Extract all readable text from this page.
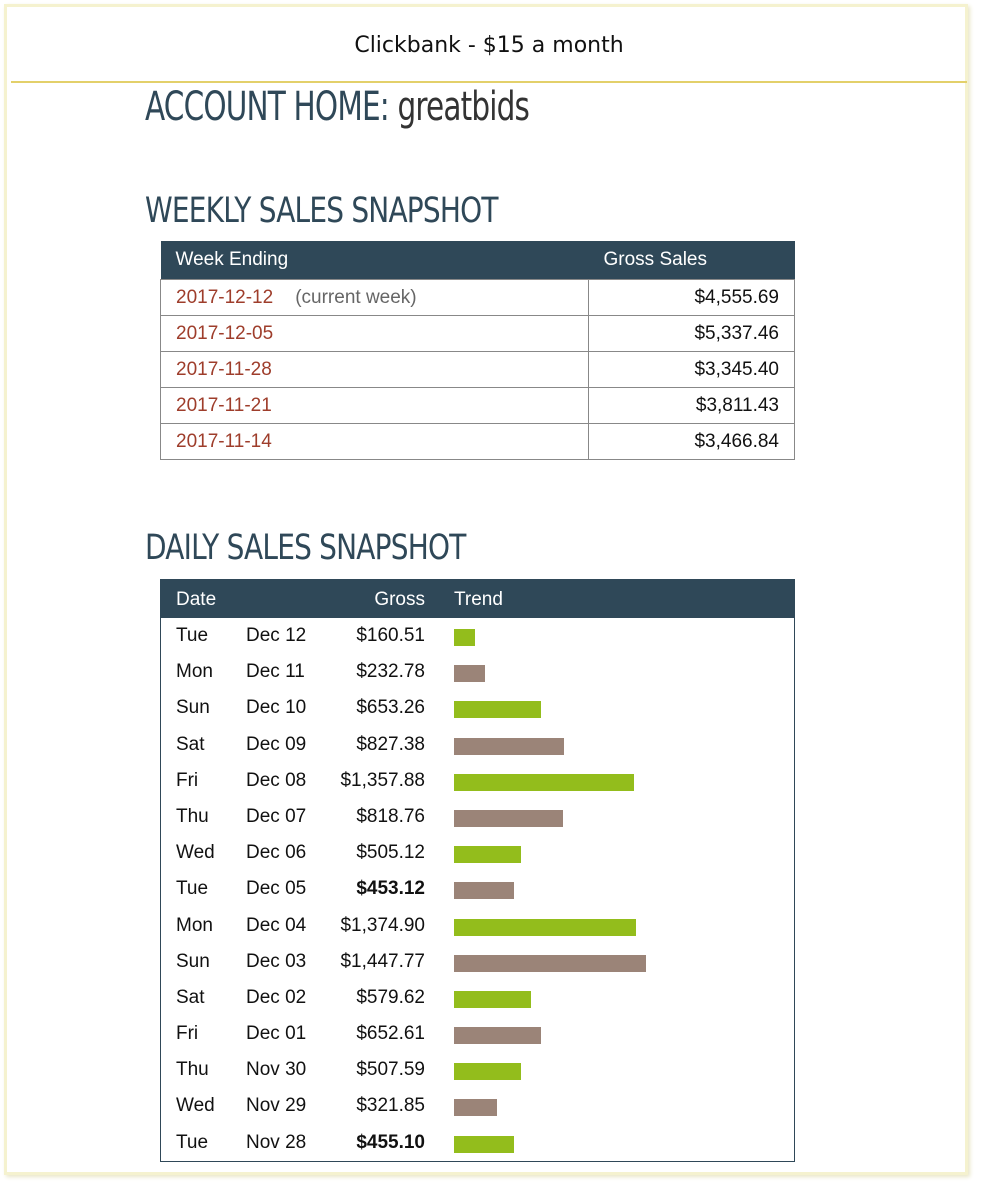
Clickbank - $15 a month
ACCOUNT HOME: greatbids
WEEKLY SALES SNAPSHOT
Week Ending	Gross Sales
2017-12-12 (current week)	$4,555.69
2017-12-05	$5,337.46
2017-11-28	$3,345.40
2017-11-21	$3,811.43
2017-11-14	$3,466.84
DAILY SALES SNAPSHOT
Date	Gross Trend
Tue Dec 12	$160.51
Mon Dec 11	$232.78
Sun Dec 10	$653.26
Sat Dec 09	$827.38
Fri	Dec 08 $1,357.88
Thu Dec 07	$818.76
Wed Dec 06	$505.12
Tue Dec 05	$453.12
Mon Dec 04 $1,374.90
Sun Dec 03 $1,447.77
Sat Dec 02	$579.62
Fri	Dec 01	$652.61
Thu Nov 30	$507.59
Wed Nov 29	$321.85
Tue Nov 28	$455.10
